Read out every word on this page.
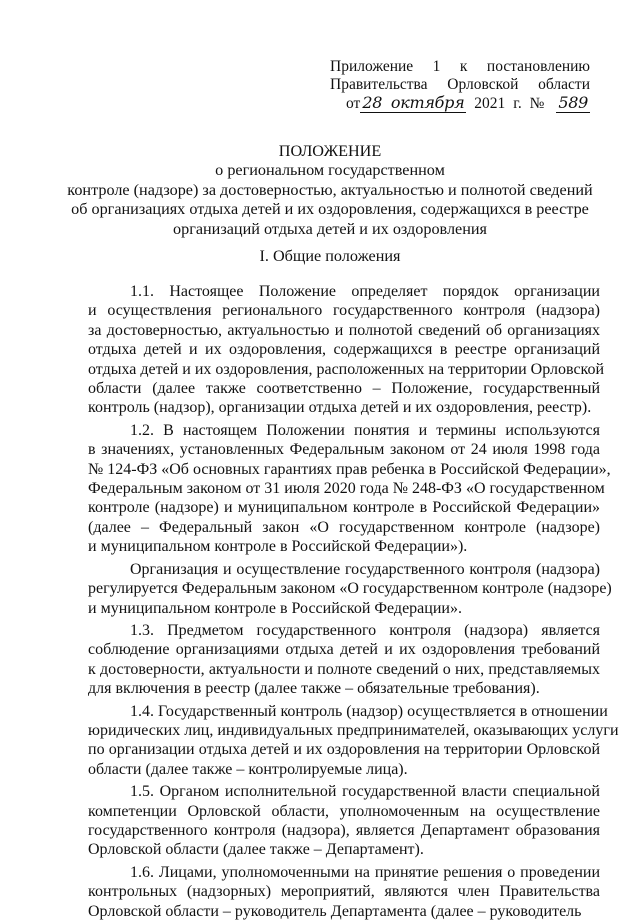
Приложение 1 к постановлению
Правительства Орловской области
от 28 октября 2021 г. № 589
ПОЛОЖЕНИЕ
о региональном государственном
контроле (надзоре) за достоверностью, актуальностью и полнотой сведений
об организациях отдыха детей и их оздоровления, содержащихся в реестре
организаций отдыха детей и их оздоровления
I. Общие положения
1.1. Настоящее Положение определяет порядок организации
и осуществления регионального государственного контроля (надзора)
за достоверностью, актуальностью и полнотой сведений об организациях
отдыха детей и их оздоровления, содержащихся в реестре организаций
отдыха детей и их оздоровления, расположенных на территории Орловской
области (далее также соответственно – Положение, государственный
контроль (надзор), организации отдыха детей и их оздоровления, реестр).
1.2. В настоящем Положении понятия и термины используются
в значениях, установленных Федеральным законом от 24 июля 1998 года
№ 124-ФЗ «Об основных гарантиях прав ребенка в Российской Федерации»,
Федеральным законом от 31 июля 2020 года № 248-ФЗ «О государственном
контроле (надзоре) и муниципальном контроле в Российской Федерации»
(далее – Федеральный закон «О государственном контроле (надзоре)
и муниципальном контроле в Российской Федерации»).
Организация и осуществление государственного контроля (надзора)
регулируется Федеральным законом «О государственном контроле (надзоре)
и муниципальном контроле в Российской Федерации».
1.3. Предметом государственного контроля (надзора) является
соблюдение организациями отдыха детей и их оздоровления требований
к достоверности, актуальности и полноте сведений о них, представляемых
для включения в реестр (далее также – обязательные требования).
1.4. Государственный контроль (надзор) осуществляется в отношении
юридических лиц, индивидуальных предпринимателей, оказывающих услуги
по организации отдыха детей и их оздоровления на территории Орловской
области (далее также – контролируемые лица).
1.5. Органом исполнительной государственной власти специальной
компетенции Орловской области, уполномоченным на осуществление
государственного контроля (надзора), является Департамент образования
Орловской области (далее также – Департамент).
1.6. Лицами, уполномоченными на принятие решения о проведении
контрольных (надзорных) мероприятий, являются член Правительства
Орловской области – руководитель Департамента (далее – руководитель
